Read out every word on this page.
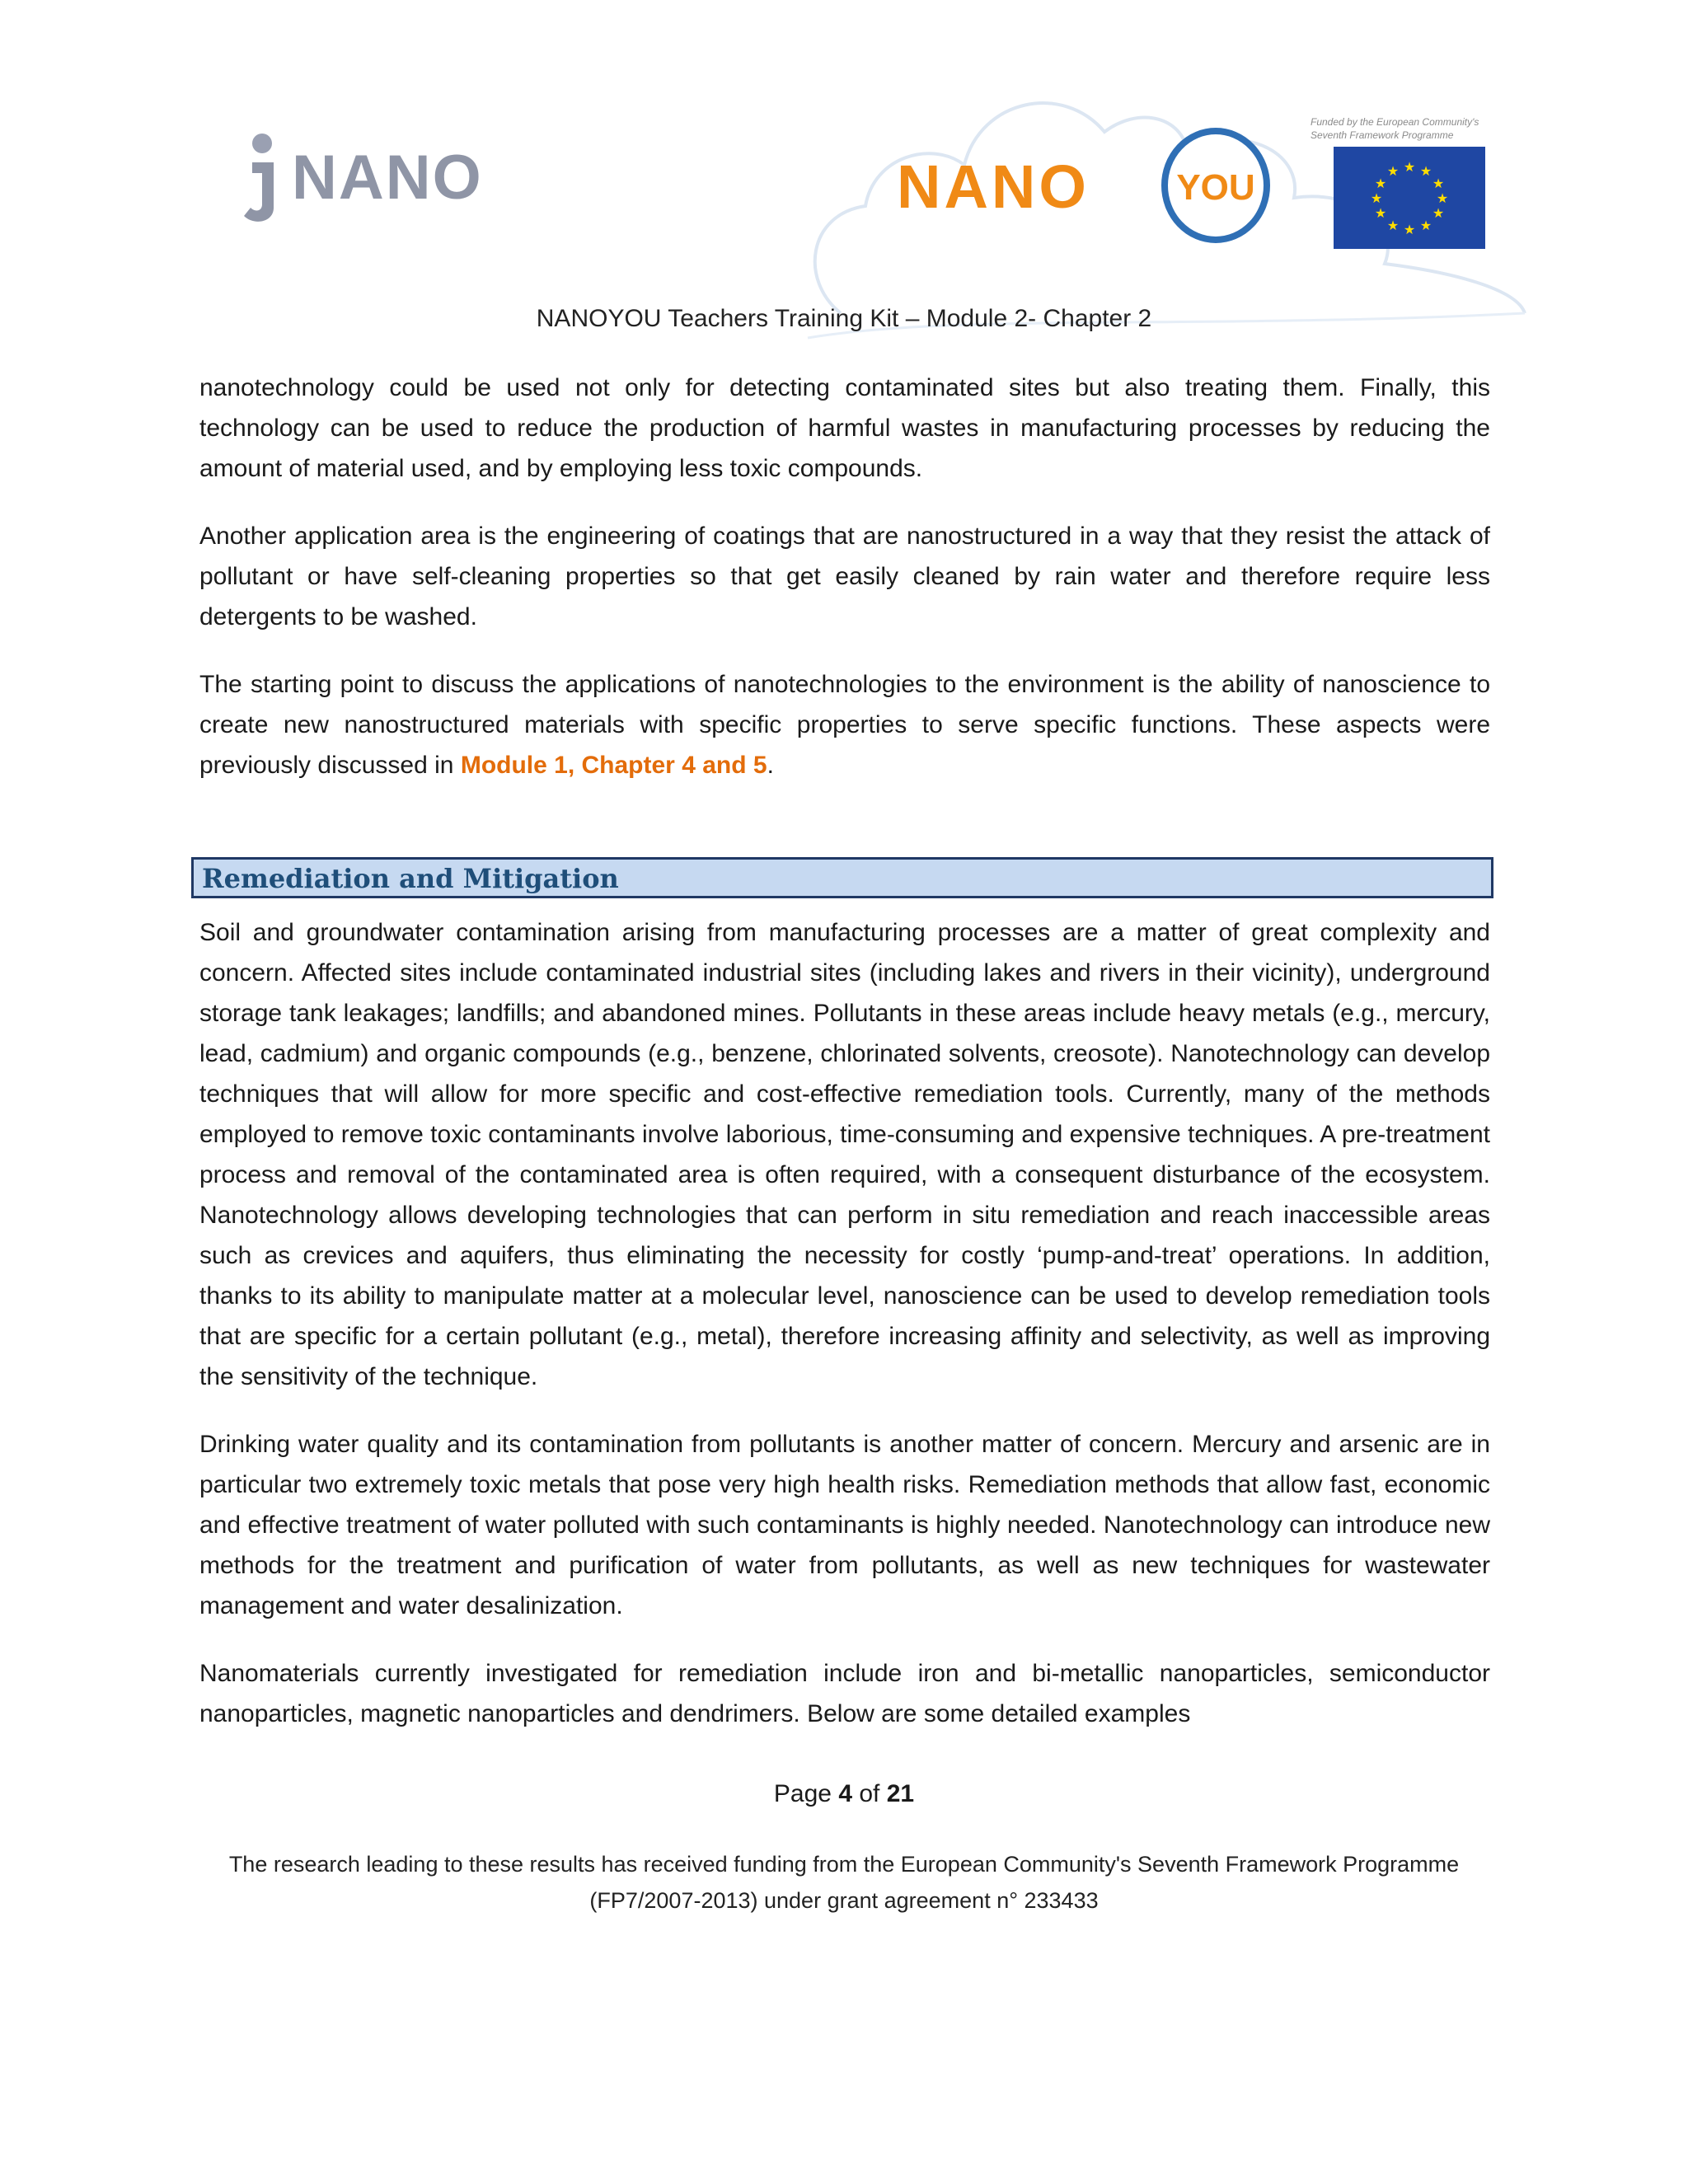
NANO	NANO YOU
Funded by the European Community's
Seventh Framework Programme
★ ★
★
★
★
★
★
★
★
★
★
★
NANOYOU Teachers Training Kit – Module 2- Chapter 2

nanotechnology could be used not only for detecting contaminated sites but also treating them. Finally, this technology can be used to reduce the production of harmful wastes in manufacturing processes by reducing the amount of material used, and by employing less toxic compounds.

Another application area is the engineering of coatings that are nanostructured in a way that they resist the attack of pollutant or have self-cleaning properties so that get easily cleaned by rain water and therefore require less detergents to be washed.

The starting point to discuss the applications of nanotechnologies to the environment is the ability of nanoscience to create new nanostructured materials with specific properties to serve specific functions. These aspects were previously discussed in Module 1, Chapter 4 and 5.

Remediation and Mitigation

Soil and groundwater contamination arising from manufacturing processes are a matter of great complexity and concern. Affected sites include contaminated industrial sites (including lakes and rivers in their vicinity), underground storage tank leakages; landfills; and abandoned mines. Pollutants in these areas include heavy metals (e.g., mercury, lead, cadmium) and organic compounds (e.g., benzene, chlorinated solvents, creosote). Nanotechnology can develop techniques that will allow for more specific and cost-effective remediation tools. Currently, many of the methods employed to remove toxic contaminants involve laborious, time-consuming and expensive techniques. A pre-treatment process and removal of the contaminated area is often required, with a consequent disturbance of the ecosystem. Nanotechnology allows developing technologies that can perform in situ remediation and reach inaccessible areas such as crevices and aquifers, thus eliminating the necessity for costly ‘pump-and-treat’ operations. In addition, thanks to its ability to manipulate matter at a molecular level, nanoscience can be used to develop remediation tools that are specific for a certain pollutant (e.g., metal), therefore increasing affinity and selectivity, as well as improving the sensitivity of the technique.

Drinking water quality and its contamination from pollutants is another matter of concern. Mercury and arsenic are in particular two extremely toxic metals that pose very high health risks. Remediation methods that allow fast, economic and effective treatment of water polluted with such contaminants is highly needed. Nanotechnology can introduce new methods for the treatment and purification of water from pollutants, as well as new techniques for wastewater management and water desalinization.

Nanomaterials currently investigated for remediation include iron and bi-metallic nanoparticles, semiconductor nanoparticles, magnetic nanoparticles and dendrimers. Below are some detailed examples

Page 4 of 21
The research leading to these results has received funding from the European Community's Seventh Framework Programme
(FP7/2007-2013) under grant agreement n° 233433
